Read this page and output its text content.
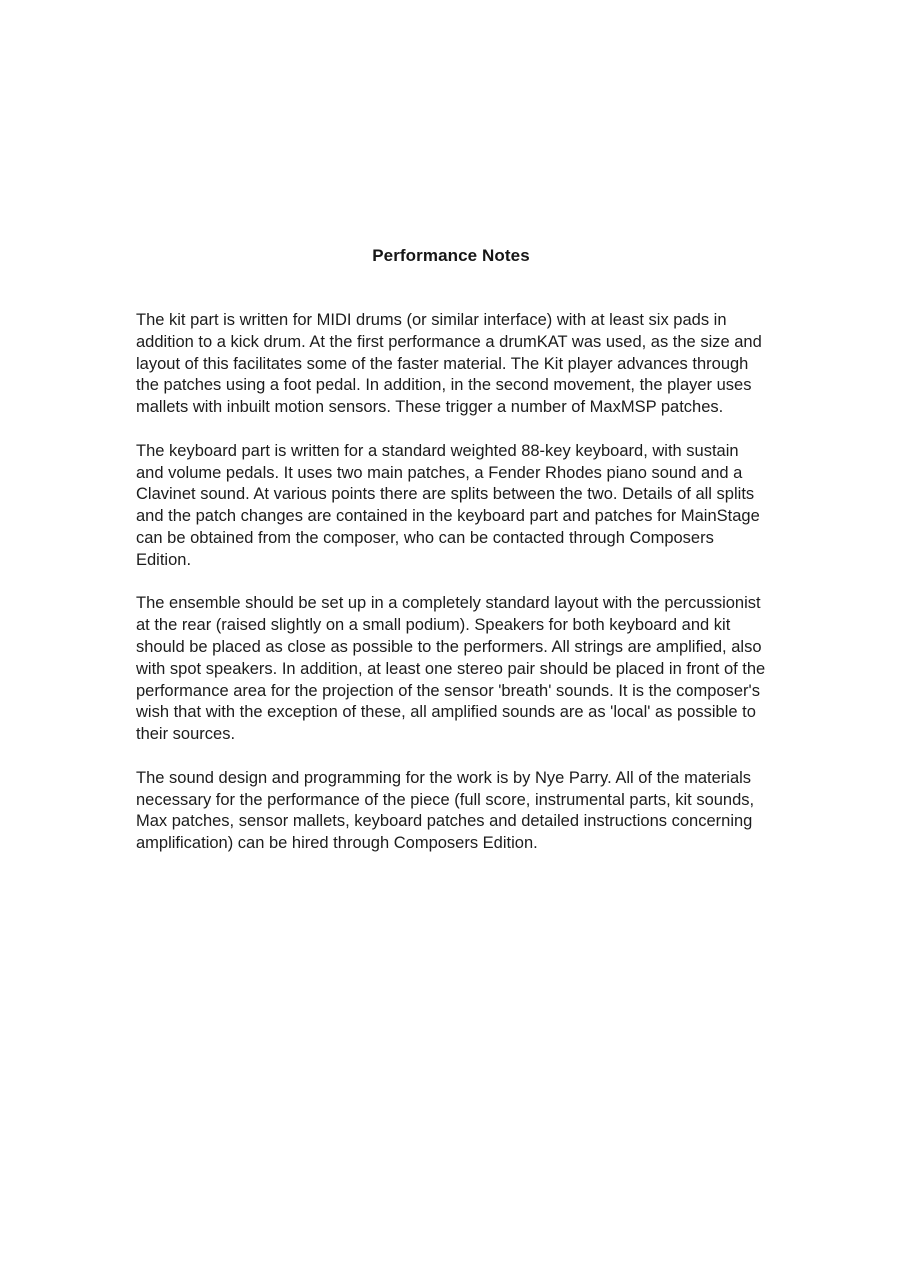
Performance Notes

The kit part is written for MIDI drums (or similar interface) with at least six pads in addition to a kick drum. At the first performance a drumKAT was used, as the size and layout of this facilitates some of the faster material. The Kit player advances through the patches using a foot pedal. In addition, in the second movement, the player uses mallets with inbuilt motion sensors. These trigger a number of MaxMSP patches.

The keyboard part is written for a standard weighted 88-key keyboard, with sustain and volume pedals. It uses two main patches, a Fender Rhodes piano sound and a Clavinet sound. At various points there are splits between the two. Details of all splits and the patch changes are contained in the keyboard part and patches for MainStage can be obtained from the composer, who can be contacted through Composers Edition.

The ensemble should be set up in a completely standard layout with the percussionist at the rear (raised slightly on a small podium). Speakers for both keyboard and kit should be placed as close as possible to the performers. All strings are amplified, also with spot speakers. In addition, at least one stereo pair should be placed in front of the performance area for the projection of the sensor 'breath' sounds. It is the composer's wish that with the exception of these, all amplified sounds are as 'local' as possible to their sources.

The sound design and programming for the work is by Nye Parry. All of the materials necessary for the performance of the piece (full score, instrumental parts, kit sounds, Max patches, sensor mallets, keyboard patches and detailed instructions concerning amplification) can be hired through Composers Edition.
